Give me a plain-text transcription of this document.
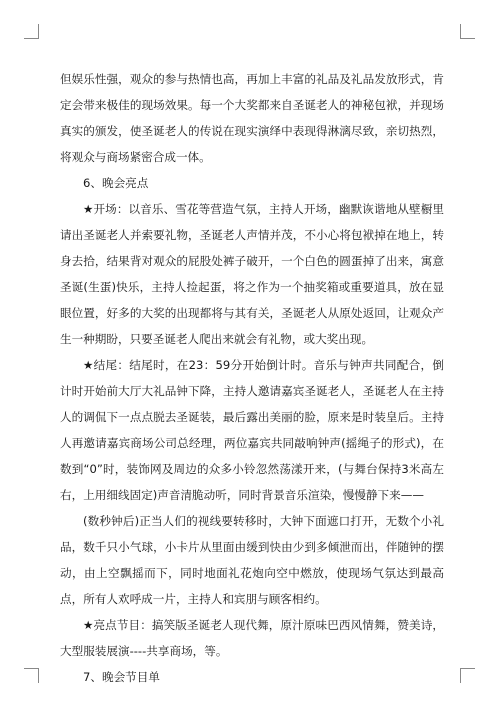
但娱乐性强，观众的参与热情也高，再加上丰富的礼品及礼品发放形式，肯定会带来极佳的现场效果。每一个大奖都来自圣诞老人的神秘包袱，并现场真实的颁发，使圣诞老人的传说在现实演绎中表现得淋漓尽致，亲切热烈，将观众与商场紧密合成一体。

6、晚会亮点

★开场：以音乐、雪花等营造气氛，主持人开场，幽默诙谐地从壁橱里请出圣诞老人并索要礼物，圣诞老人声情并茂，不小心将包袱掉在地上，转身去拾，结果背对观众的屁股处裤子破开，一个白色的圆蛋掉了出来，寓意圣诞(生蛋)快乐，主持人捡起蛋，将之作为一个抽奖箱或重要道具，放在显眼位置，好多的大奖的出现都将与其有关，圣诞老人从原处返回，让观众产生一种期盼，只要圣诞老人爬出来就会有礼物，或大奖出现。

★结尾：结尾时，在23：59分开始倒计时。音乐与钟声共同配合，倒计时开始前大厅大礼品钟下降，主持人邀请嘉宾圣诞老人，圣诞老人在主持人的调侃下一点点脱去圣诞装，最后露出美丽的脸，原来是时装皇后。主持人再邀请嘉宾商场公司总经理，两位嘉宾共同敲响钟声(摇绳子的形式)，在数到“0”时，装饰网及周边的众多小铃忽然荡漾开来，(与舞台保持3米高左右，上用细线固定)声音清脆动听，同时背景音乐渲染，慢慢静下来——

(数秒钟后)正当人们的视线要转移时，大钟下面遮口打开，无数个小礼品，数千只小气球，小卡片从里面由缓到快由少到多倾泄而出，伴随钟的摆动，由上空飘摇而下，同时地面礼花炮向空中燃放，使现场气氛达到最高点，所有人欢呼成一片，主持人和宾朋与顾客相约。

★亮点节目：搞笑版圣诞老人现代舞，原汁原味巴西风情舞，赞美诗，大型服装展演----共享商场，等。

7、晚会节目单
